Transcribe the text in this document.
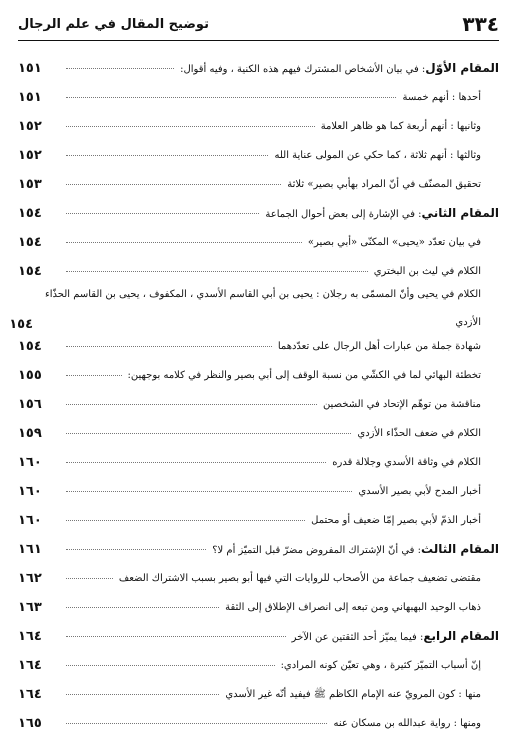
توضيح المقال في علم الرجال	٣٣٤
المقام الأوّل: في بيان الأشخاص المشترك فيهم هذه الكنية ، وفيه أقوال:
١٥١
أحدها : أنهم خمسة
١٥١
وثانيها : أنهم أربعة كما هو ظاهر العلامة
١٥٢
وثالثها : أنهم ثلاثة ، كما حكي عن المولى عناية الله
١٥٢
تحقيق المصنّف في أنّ المراد بهأبي بصير» ثلاثة
١٥٣
المقام الثاني: في الإشارة إلى بعض أحوال الجماعة
١٥٤
في بيان تعدّد «يحيى» المكنّى «أبي بصير»
١٥٤
الكلام في ليث بن البختري
١٥٤
الكلام في يحيى وأنّ المسمّى به رجلان : يحيى بن أبي القاسم الأسدي ، المكفوف ، يحيى بن القاسم الحذّاء
الأزدي
١٥٤
شهادة جملة من عبارات أهل الرجال على تعدّدهما
١٥٤
تخطئة البهائي لما في الكشّي من نسبة الوقف إلى أبي بصير والنظر في كلامه بوجهين:
١٥٥
مناقشة من توهّم الإتحاد في الشخصين
١٥٦
الكلام في ضعف الحذّاء الأزدي
١٥٩
الكلام في وثاقة الأسدي وجلالة قدره
١٦٠
أخبار المدح لأبي بصير الأسدي
١٦٠
أخبار الذمّ لأبي بصير إمّا ضعيف أو محتمل
١٦٠
المقام الثالث: في أنّ الإشتراك المفروض مضرّ قبل التميّز أم لا؟
١٦١
مقتضى تضعيف جماعة من الأصحاب للروايات التي فيها أبو بصير بسبب الاشتراك الضعف
١٦٢
ذهاب الوحيد البهبهاني ومن تبعه إلى انصراف الإطلاق إلى الثقة
١٦٣
المقام الرابع: فيما يميّز أحد الثقتين عن الآخر
١٦٤
إنّ أسباب التميّز كثيرة ، وهي تعيّن كونه المرادي:
١٦٤
منها : كون المرويّ عنه الإمام الكاظم ﷺ فيفيد أنّه غير الأسدي
١٦٤
ومنها : رواية عبدالله بن مسكان عنه
١٦٥
